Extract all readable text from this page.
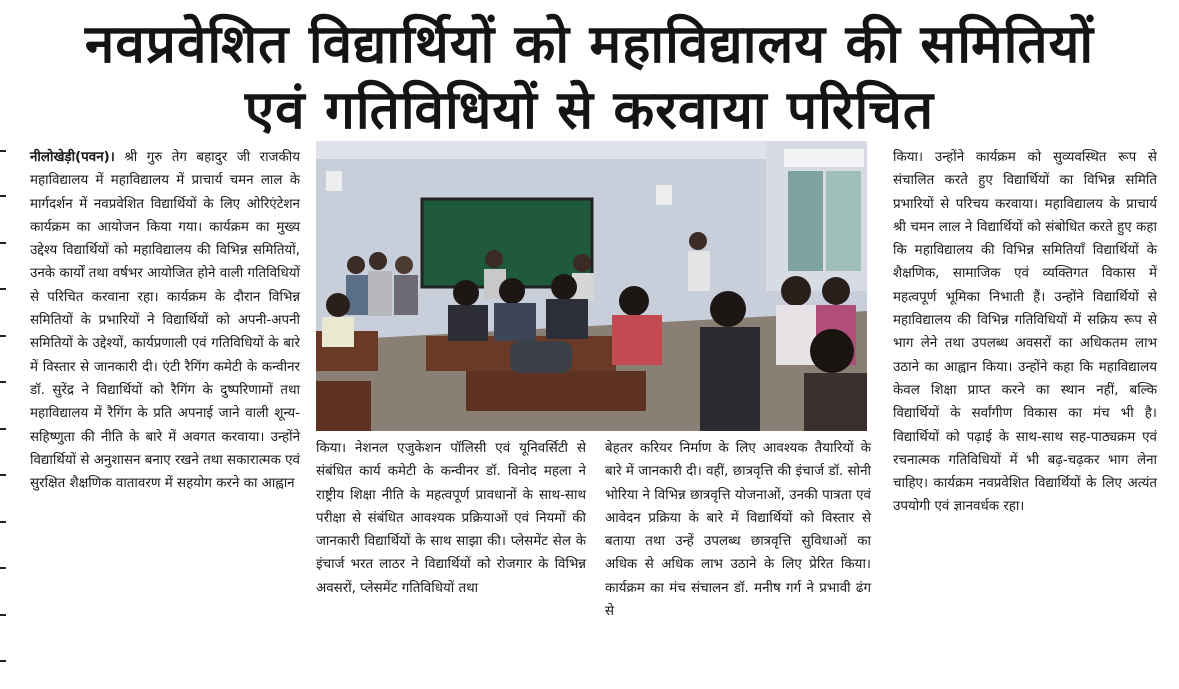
नवप्रवेशित विद्यार्थियों को महाविद्यालय की समितियों
एवं गतिविधियों से करवाया परिचित

नीलोखेड़ी(पवन)। श्री गुरु तेग बहादुर जी राजकीय महाविद्यालय में महाविद्यालय में प्राचार्य चमन लाल के मार्गदर्शन में नवप्रवेशित विद्यार्थियों के लिए ओरिएंटेशन कार्यक्रम का आयोजन किया गया। कार्यक्रम का मुख्य उद्देश्य विद्यार्थियों को महाविद्यालय की विभिन्न समितियों, उनके कार्यों तथा वर्षभर आयोजित होने वाली गतिविधियों से परिचित करवाना रहा। कार्यक्रम के दौरान विभिन्न समितियों के प्रभारियों ने विद्यार्थियों को अपनी-अपनी समितियों के उद्देश्यों, कार्यप्रणाली एवं गतिविधियों के बारे में विस्तार से जानकारी दी। एंटी रैगिंग कमेटी के कन्वीनर डॉ. सुरेंद्र ने विद्यार्थियों को रैगिंग के दुष्परिणामों तथा महाविद्यालय में रैगिंग के प्रति अपनाई जाने वाली शून्य-सहिष्णुता की नीति के बारे में अवगत करवाया। उन्होंने विद्यार्थियों से अनुशासन बनाए रखने तथा सकारात्मक एवं सुरक्षित शैक्षणिक वातावरण में सहयोग करने का आह्वान

किया। नेशनल एजुकेशन पॉलिसी एवं यूनिवर्सिटी से संबंधित कार्य कमेटी के कन्वीनर डॉ. विनोद महला ने राष्ट्रीय शिक्षा नीति के महत्वपूर्ण प्रावधानों के साथ-साथ परीक्षा से संबंधित आवश्यक प्रक्रियाओं एवं नियमों की जानकारी विद्यार्थियों के साथ साझा की। प्लेसमेंट सेल के इंचार्ज भरत लाठर ने विद्यार्थियों को रोजगार के विभिन्न अवसरों, प्लेसमेंट गतिविधियों तथा

बेहतर करियर निर्माण के लिए आवश्यक तैयारियों के बारे में जानकारी दी। वहीं, छात्रवृत्ति की इंचार्ज डॉ. सोनी भोरिया ने विभिन्न छात्रवृत्ति योजनाओं, उनकी पात्रता एवं आवेदन प्रक्रिया के बारे में विद्यार्थियों को विस्तार से बताया तथा उन्हें उपलब्ध छात्रवृत्ति सुविधाओं का अधिक से अधिक लाभ उठाने के लिए प्रेरित किया। कार्यक्रम का मंच संचालन डॉ. मनीष गर्ग ने प्रभावी ढंग से

किया। उन्होंने कार्यक्रम को सुव्यवस्थित रूप से संचालित करते हुए विद्यार्थियों का विभिन्न समिति प्रभारियों से परिचय करवाया। महाविद्यालय के प्राचार्य श्री चमन लाल ने विद्यार्थियों को संबोधित करते हुए कहा कि महाविद्यालय की विभिन्न समितियाँ विद्यार्थियों के शैक्षणिक, सामाजिक एवं व्यक्तिगत विकास में महत्वपूर्ण भूमिका निभाती हैं। उन्होंने विद्यार्थियों से महाविद्यालय की विभिन्न गतिविधियों में सक्रिय रूप से भाग लेने तथा उपलब्ध अवसरों का अधिकतम लाभ उठाने का आह्वान किया। उन्होंने कहा कि महाविद्यालय केवल शिक्षा प्राप्त करने का स्थान नहीं, बल्कि विद्यार्थियों के सर्वांगीण विकास का मंच भी है। विद्यार्थियों को पढ़ाई के साथ-साथ सह-पाठ्यक्रम एवं रचनात्मक गतिविधियों में भी बढ़-चढ़कर भाग लेना चाहिए। कार्यक्रम नवप्रवेशित विद्यार्थियों के लिए अत्यंत उपयोगी एवं ज्ञानवर्धक रहा।
